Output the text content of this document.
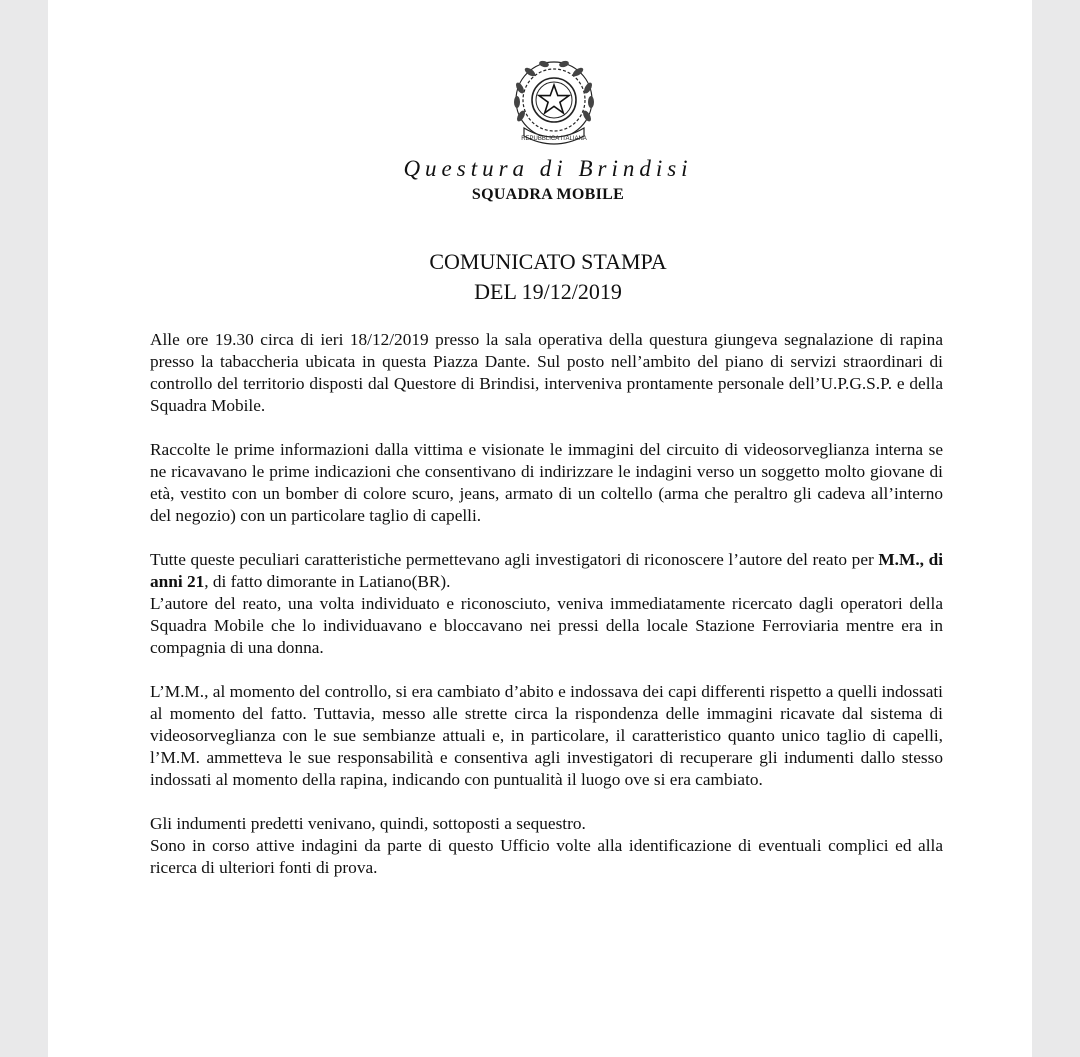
REPUBBLICA ITALIANA
Questura di Brindisi
SQUADRA MOBILE
COMUNICATO STAMPA
DEL 19/12/2019

Alle ore 19.30 circa di ieri 18/12/2019 presso la sala operativa della questura giungeva segnalazione di rapina presso la tabaccheria ubicata in questa Piazza Dante. Sul posto nell’ambito del piano di servizi straordinari di controllo del territorio disposti dal Questore di Brindisi, interveniva prontamente personale dell’U.P.G.S.P. e della Squadra Mobile.

Raccolte le prime informazioni dalla vittima e visionate le immagini del circuito di videosorveglianza interna se ne ricavavano le prime indicazioni che consentivano di indirizzare le indagini verso un soggetto molto giovane di età, vestito con un bomber di colore scuro, jeans, armato di un coltello (arma che peraltro gli cadeva all’interno del negozio) con un particolare taglio di capelli.

Tutte queste peculiari caratteristiche permettevano agli investigatori di riconoscere l’autore del reato per M.M., di anni 21, di fatto dimorante in Latiano(BR).

L’autore del reato, una volta individuato e riconosciuto, veniva immediatamente ricercato dagli operatori della Squadra Mobile che lo individuavano e bloccavano nei pressi della locale Stazione Ferroviaria mentre era in compagnia di una donna.

L’M.M., al momento del controllo, si era cambiato d’abito e indossava dei capi differenti rispetto a quelli indossati al momento del fatto. Tuttavia, messo alle strette circa la rispondenza delle immagini ricavate dal sistema di videosorveglianza con le sue sembianze attuali e, in particolare, il caratteristico quanto unico taglio di capelli, l’M.M. ammetteva le sue responsabilità e consentiva agli investigatori di recuperare gli indumenti dallo stesso indossati al momento della rapina, indicando con puntualità il luogo ove si era cambiato.

Gli indumenti predetti venivano, quindi, sottoposti a sequestro.

Sono in corso attive indagini da parte di questo Ufficio volte alla identificazione di eventuali complici ed alla ricerca di ulteriori fonti di prova.
